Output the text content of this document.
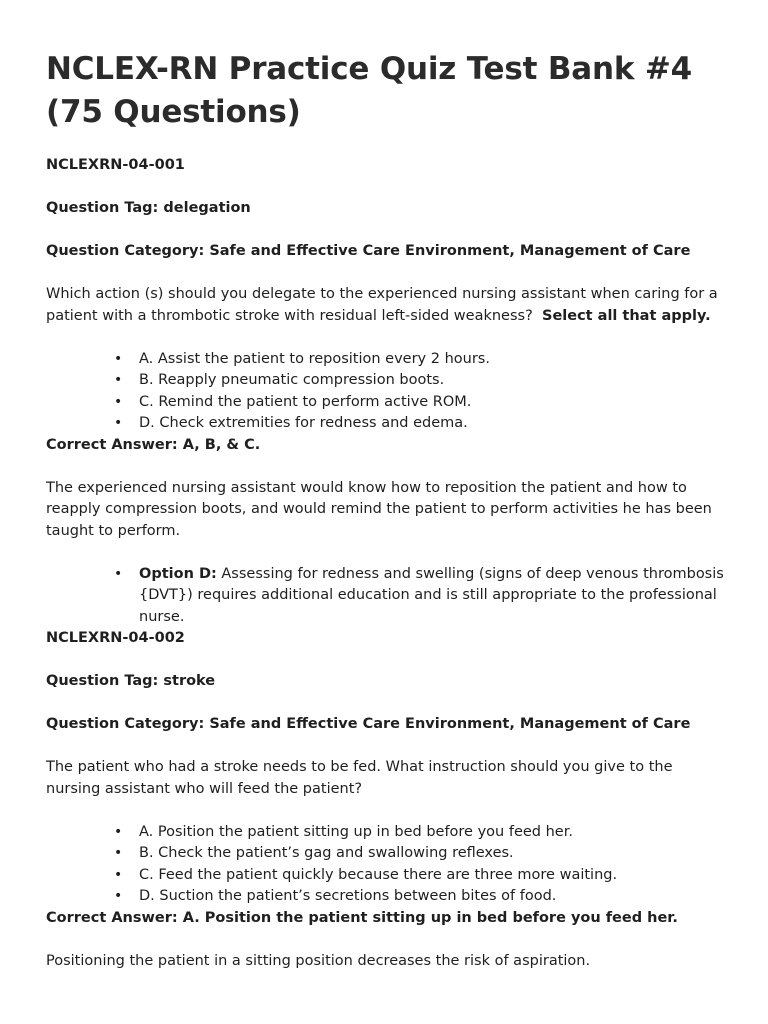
NCLEX-RN Practice Quiz Test Bank #4 (75 Questions)

NCLEXRN-04-001

Question Tag: delegation

Question Category: Safe and Effective Care Environment, Management of Care

Which action (s) should you delegate to the experienced nursing assistant when caring for a patient with a thrombotic stroke with residual left-sided weakness? Select all that apply.

• A. Assist the patient to reposition every 2 hours.
• B. Reapply pneumatic compression boots.
• C. Remind the patient to perform active ROM.
• D. Check extremities for redness and edema.

Correct Answer: A, B, & C.

The experienced nursing assistant would know how to reposition the patient and how to reapply compression boots, and would remind the patient to perform activities he has been taught to perform.

• Option D: Assessing for redness and swelling (signs of deep venous thrombosis {DVT}) requires additional education and is still appropriate to the professional nurse.

NCLEXRN-04-002

Question Tag: stroke

Question Category: Safe and Effective Care Environment, Management of Care

The patient who had a stroke needs to be fed. What instruction should you give to the nursing assistant who will feed the patient?

• A. Position the patient sitting up in bed before you feed her.
• B. Check the patient’s gag and swallowing reflexes.
• C. Feed the patient quickly because there are three more waiting.
• D. Suction the patient’s secretions between bites of food.

Correct Answer: A. Position the patient sitting up in bed before you feed her.

Positioning the patient in a sitting position decreases the risk of aspiration.
